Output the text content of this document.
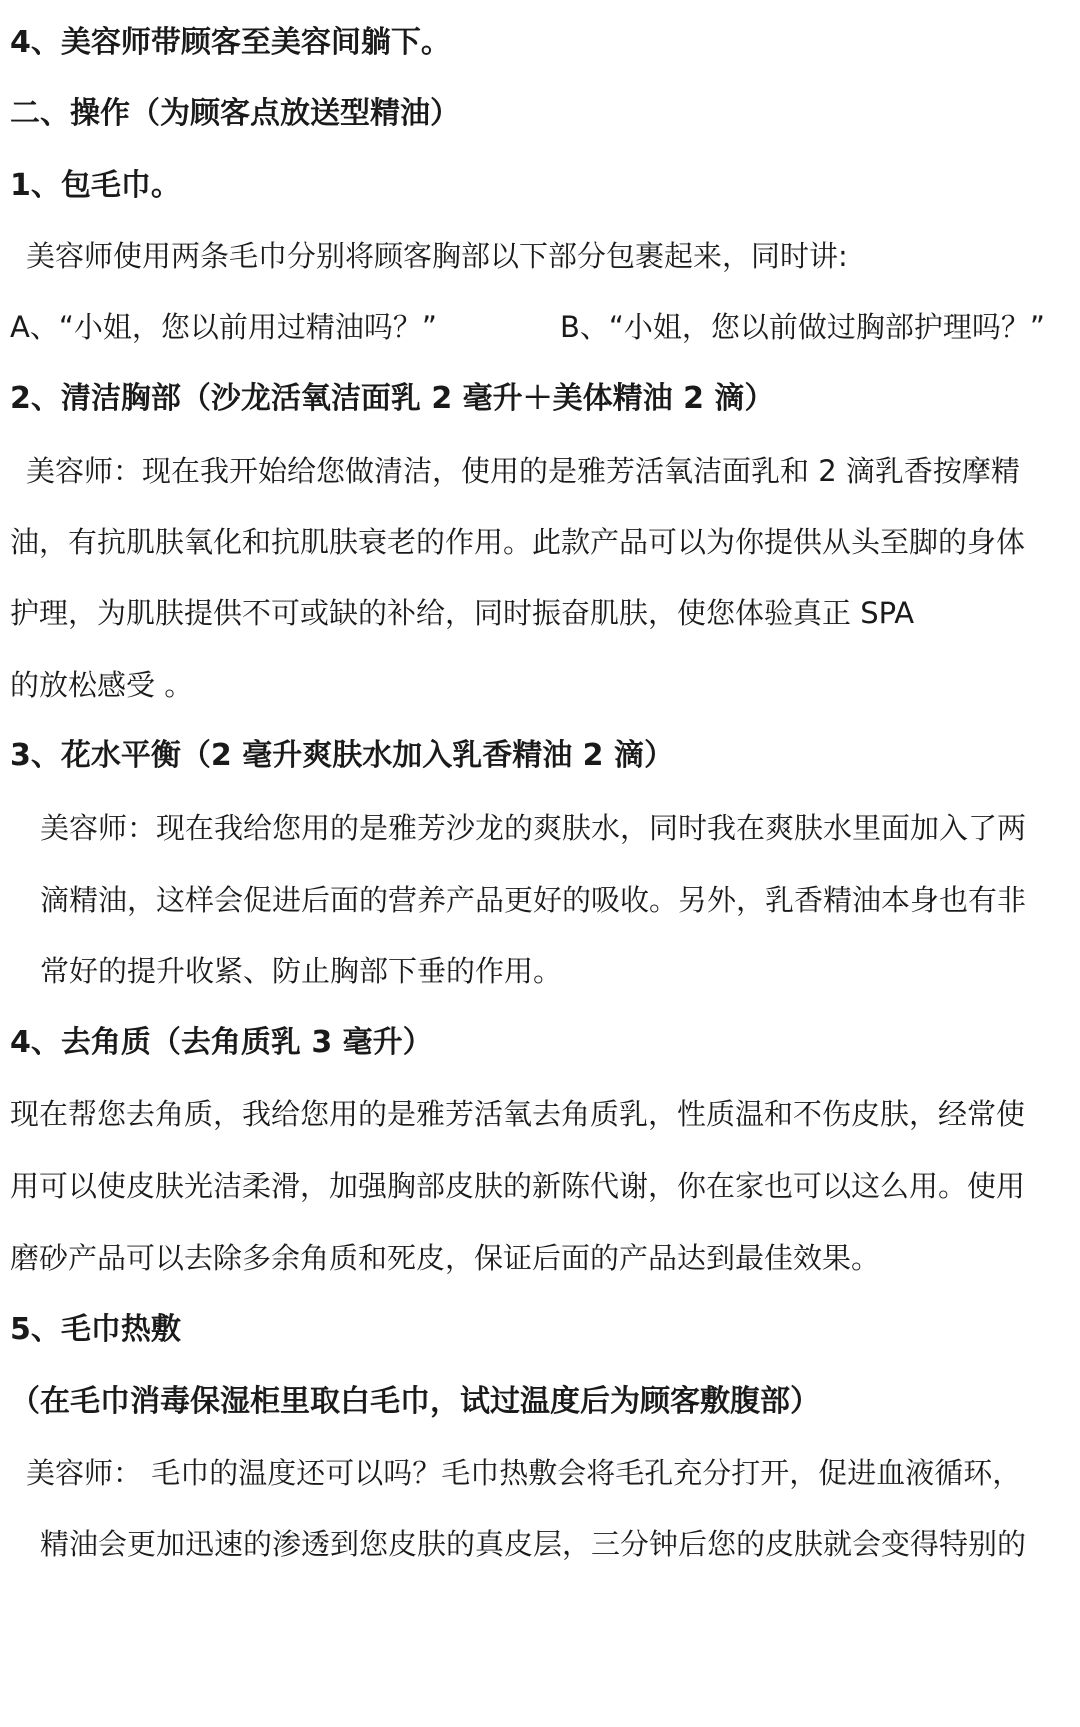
4、美容师带顾客至美容间躺下。
二、操作（为顾客点放送型精油）
1、包毛巾。
美容师使用两条毛巾分别将顾客胸部以下部分包裹起来，同时讲:
A、“小姐，您以前用过精油吗？”	B、“小姐，您以前做过胸部护理吗？”
2、清洁胸部（沙龙活氧洁面乳 2 毫升＋美体精油 2 滴）
美容师：现在我开始给您做清洁，使用的是雅芳活氧洁面乳和 2 滴乳香按摩精
油，有抗肌肤氧化和抗肌肤衰老的作用。此款产品可以为你提供从头至脚的身体
护理，为肌肤提供不可或缺的补给，同时振奋肌肤，使您体验真正 SPA
的放松感受 。
3、花水平衡（2 毫升爽肤水加入乳香精油 2 滴）
美容师：现在我给您用的是雅芳沙龙的爽肤水，同时我在爽肤水里面加入了两
滴精油，这样会促进后面的营养产品更好的吸收。另外，乳香精油本身也有非
常好的提升收紧、防止胸部下垂的作用。
4、去角质（去角质乳 3 毫升）
现在帮您去角质，我给您用的是雅芳活氧去角质乳，性质温和不伤皮肤，经常使
用可以使皮肤光洁柔滑，加强胸部皮肤的新陈代谢，你在家也可以这么用。使用
磨砂产品可以去除多余角质和死皮，保证后面的产品达到最佳效果。
5、毛巾热敷
（在毛巾消毒保湿柜里取白毛巾，试过温度后为顾客敷腹部）
美容师： 毛巾的温度还可以吗？毛巾热敷会将毛孔充分打开，促进血液循环，
精油会更加迅速的渗透到您皮肤的真皮层，三分钟后您的皮肤就会变得特别的
